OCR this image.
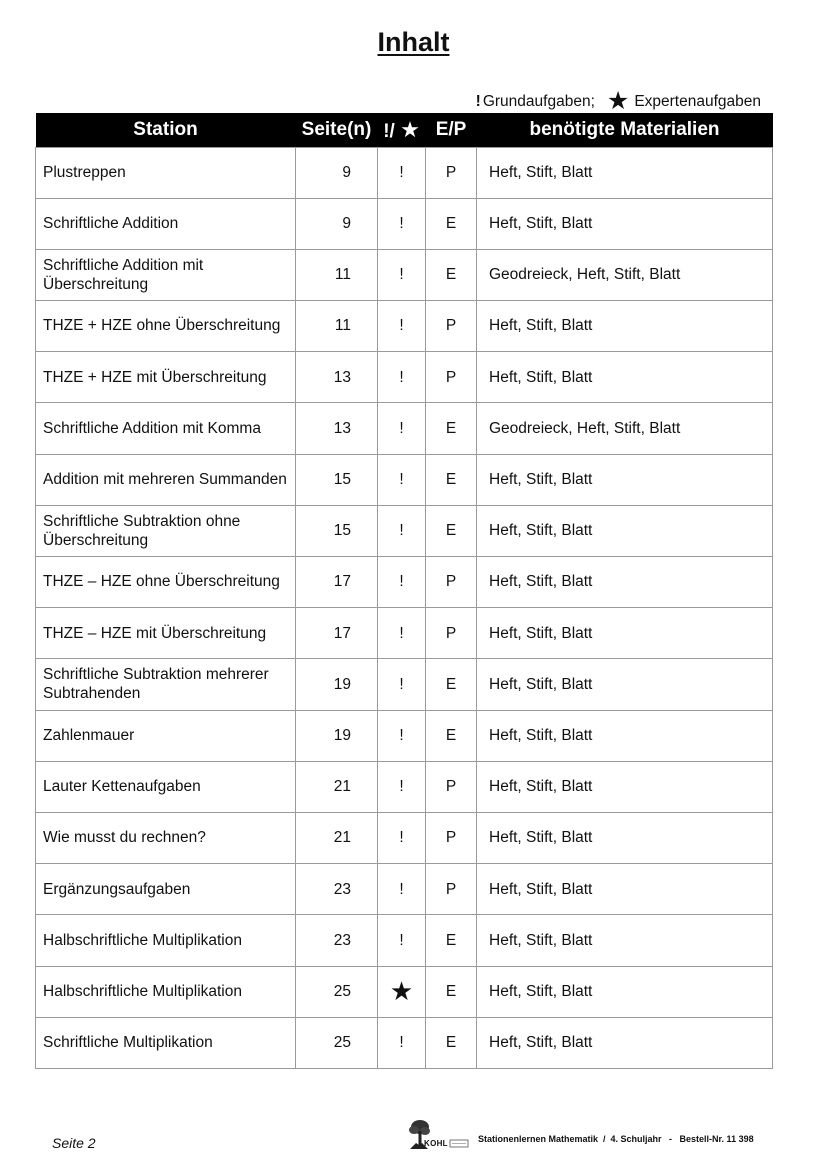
Inhalt
! Grundaufgaben; ★ Expertenaufgaben
Station	Seite(n)	!/ ★	E/P	benötigte Materialien
Plustreppen	9	!	P	Heft, Stift, Blatt
Schriftliche Addition	9	!	E	Heft, Stift, Blatt
Schriftliche Addition mit Überschreitung	11	!	E	Geodreieck, Heft, Stift, Blatt
THZE + HZE ohne Überschreitung	11	!	P	Heft, Stift, Blatt
THZE + HZE mit Überschreitung	13	!	P	Heft, Stift, Blatt
Schriftliche Addition mit Komma	13	!	E	Geodreieck, Heft, Stift, Blatt
Addition mit mehreren Summanden	15	!	E	Heft, Stift, Blatt
Schriftliche Subtraktion ohne Überschreitung	15	!	E	Heft, Stift, Blatt
THZE – HZE ohne Überschreitung	17	!	P	Heft, Stift, Blatt
THZE – HZE mit Überschreitung	17	!	P	Heft, Stift, Blatt
Schriftliche Subtraktion mehrerer Subtrahenden	19	!	E	Heft, Stift, Blatt
Zahlenmauer	19	!	E	Heft, Stift, Blatt
Lauter Kettenaufgaben	21	!	P	Heft, Stift, Blatt
Wie musst du rechnen?	21	!	P	Heft, Stift, Blatt
Ergänzungsaufgaben	23	!	P	Heft, Stift, Blatt
Halbschriftliche Multiplikation	23	!	E	Heft, Stift, Blatt
Halbschriftliche Multiplikation	25	★	E	Heft, Stift, Blatt
Schriftliche Multiplikation	25	!	E	Heft, Stift, Blatt
Seite 2	KOHL	Stationenlernen Mathematik  /  4. Schuljahr   -   Bestell-Nr. 11 398
